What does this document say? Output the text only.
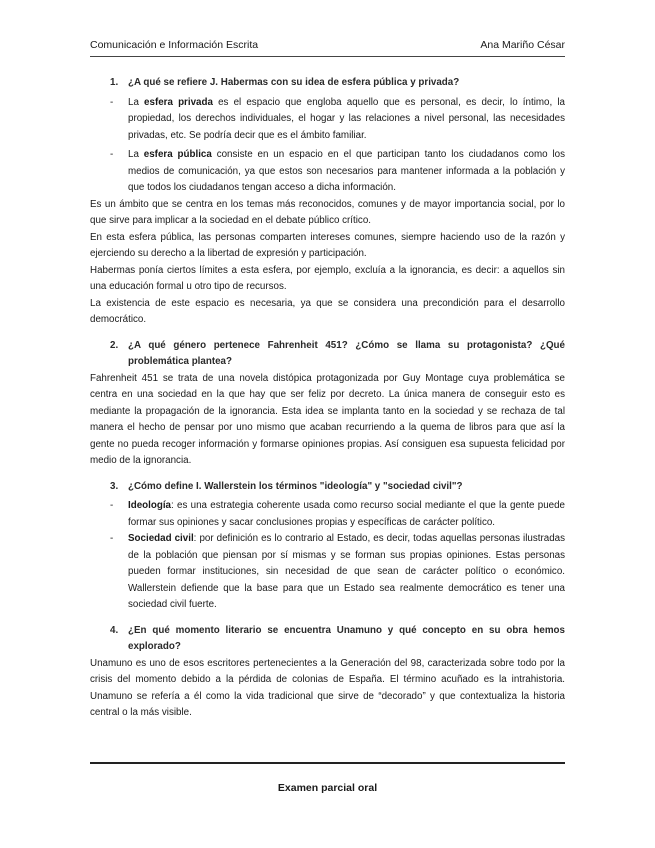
Comunicación e Información Escrita	Ana Mariño César
1.	¿A qué se refiere J. Habermas con su idea de esfera pública y privada?
-	La esfera privada es el espacio que engloba aquello que es personal, es decir, lo íntimo, la propiedad, los derechos individuales, el hogar y las relaciones a nivel personal, las necesidades privadas, etc. Se podría decir que es el ámbito familiar.
-	La esfera pública consiste en un espacio en el que participan tanto los ciudadanos como los medios de comunicación, ya que estos son necesarios para mantener informada a la población y que todos los ciudadanos tengan acceso a dicha información.

Es un ámbito que se centra en los temas más reconocidos, comunes y de mayor importancia social, por lo que sirve para implicar a la sociedad en el debate público crítico.

En esta esfera pública, las personas comparten intereses comunes, siempre haciendo uso de la razón y ejerciendo su derecho a la libertad de expresión y participación.

Habermas ponía ciertos límites a esta esfera, por ejemplo, excluía a la ignorancia, es decir: a aquellos sin una educación formal u otro tipo de recursos.

La existencia de este espacio es necesaria, ya que se considera una precondición para el desarrollo democrático.

2.	¿A qué género pertenece Fahrenheit 451? ¿Cómo se llama su protagonista? ¿Qué problemática plantea?

Fahrenheit 451 se trata de una novela distópica protagonizada por Guy Montage cuya problemática se centra en una sociedad en la que hay que ser feliz por decreto. La única manera de conseguir esto es mediante la propagación de la ignorancia. Esta idea se implanta tanto en la sociedad y se rechaza de tal manera el hecho de pensar por uno mismo que acaban recurriendo a la quema de libros para que así la gente no pueda recoger información y formarse opiniones propias. Así consiguen esa supuesta felicidad por medio de la ignorancia.

3.	¿Cómo define I. Wallerstein los términos "ideología" y "sociedad civil"?
-	Ideología: es una estrategia coherente usada como recurso social mediante el que la gente puede formar sus opiniones y sacar conclusiones propias y específicas de carácter político.
-	Sociedad civil: por definición es lo contrario al Estado, es decir, todas aquellas personas ilustradas de la población que piensan por sí mismas y se forman sus propias opiniones. Estas personas pueden formar instituciones, sin necesidad de que sean de carácter político o económico. Wallerstein defiende que la base para que un Estado sea realmente democrático es tener una sociedad civil fuerte.
4.	¿En qué momento literario se encuentra Unamuno y qué concepto en su obra hemos explorado?

Unamuno es uno de esos escritores pertenecientes a la Generación del 98, caracterizada sobre todo por la crisis del momento debido a la pérdida de colonias de España. El término acuñado es la intrahistoria. Unamuno se refería a él como la vida tradicional que sirve de “decorado” y que contextualiza la historia central o la más visible.

Examen parcial oral
